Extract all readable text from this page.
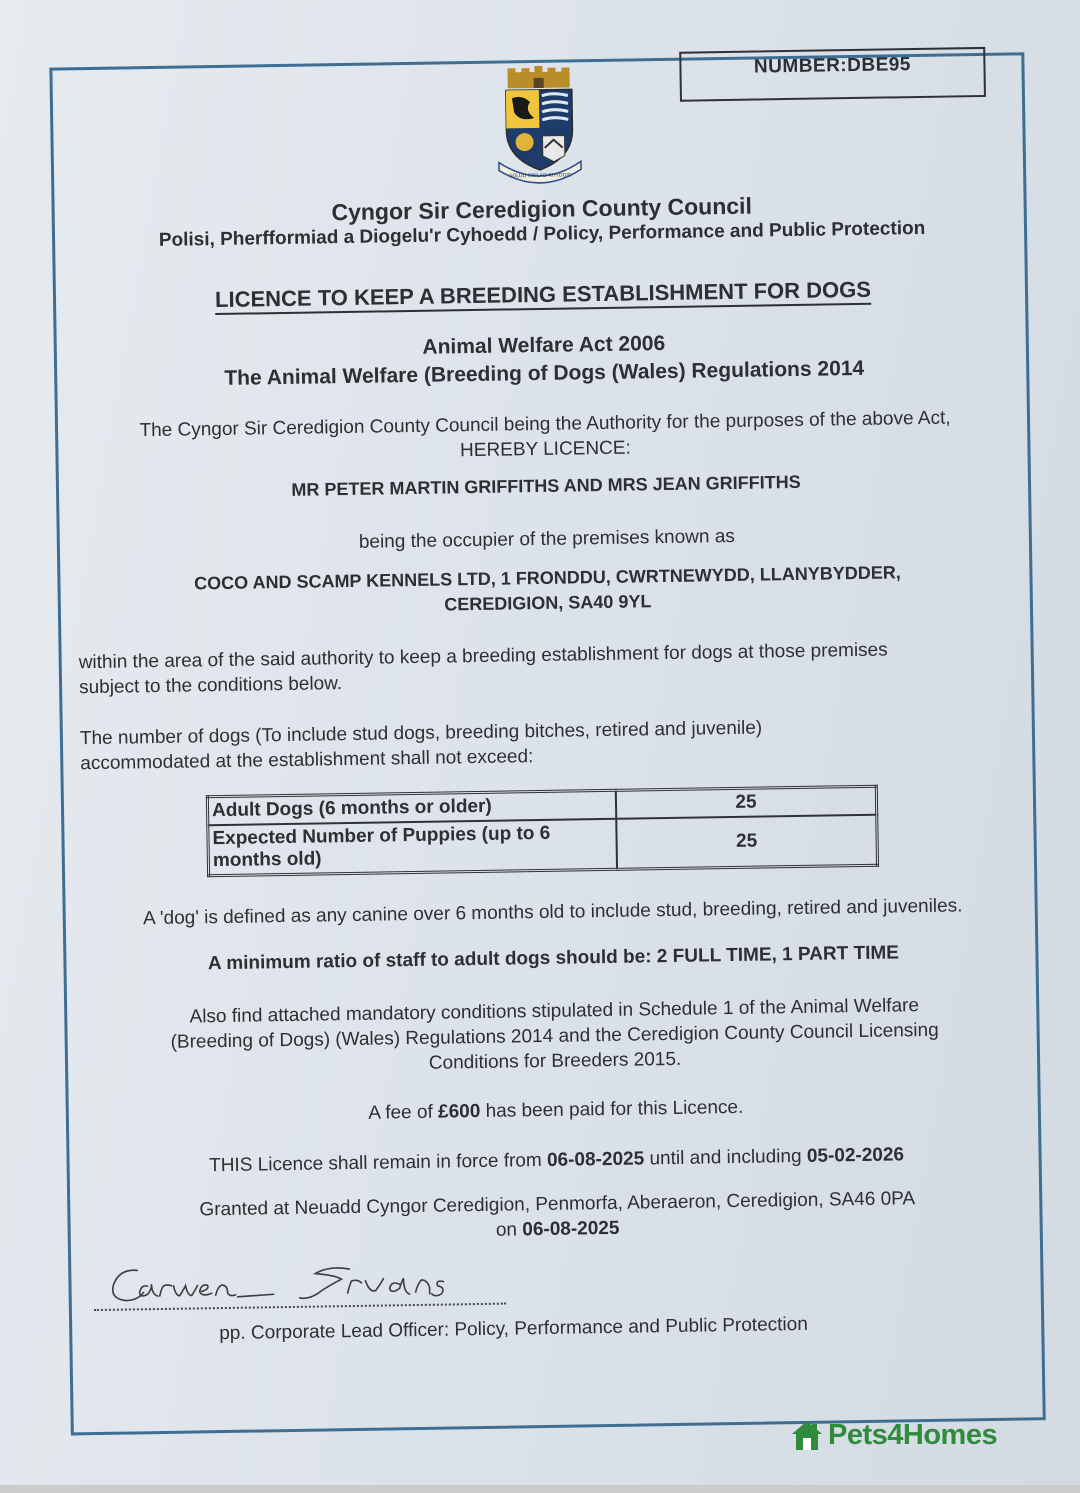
NUMBER:DBE95
GOLUD GWLAD RHYDDID
Cyngor Sir Ceredigion County Council
Polisi, Pherfformiad a Diogelu'r Cyhoedd / Policy, Performance and Public Protection
LICENCE TO KEEP A BREEDING ESTABLISHMENT FOR DOGS
Animal Welfare Act 2006
The Animal Welfare (Breeding of Dogs (Wales) Regulations 2014
The Cyngor Sir Ceredigion County Council being the Authority for the purposes of the above Act,
HEREBY LICENCE:
MR PETER MARTIN GRIFFITHS AND MRS JEAN GRIFFITHS
being the occupier of the premises known as
COCO AND SCAMP KENNELS LTD, 1 FRONDDU, CWRTNEWYDD, LLANYBYDDER,
CEREDIGION, SA40 9YL
within the area of the said authority to keep a breeding establishment for dogs at those premises
subject to the conditions below.
The number of dogs (To include stud dogs, breeding bitches, retired and juvenile)
accommodated at the establishment shall not exceed:
Adult Dogs (6 months or older)	25
Expected Number of Puppies (up to 6 months old)	25
A 'dog' is defined as any canine over 6 months old to include stud, breeding, retired and juveniles.
A minimum ratio of staff to adult dogs should be: 2 FULL TIME, 1 PART TIME
Also find attached mandatory conditions stipulated in Schedule 1 of the Animal Welfare
(Breeding of Dogs) (Wales) Regulations 2014 and the Ceredigion County Council Licensing
Conditions for Breeders 2015.
A fee of £600 has been paid for this Licence.
THIS Licence shall remain in force from 06-08-2025 until and including 05-02-2026
Granted at Neuadd Cyngor Ceredigion, Penmorfa, Aberaeron, Ceredigion, SA46 0PA
on 06-08-2025
pp. Corporate Lead Officer: Policy, Performance and Public Protection
Pets4Homes
